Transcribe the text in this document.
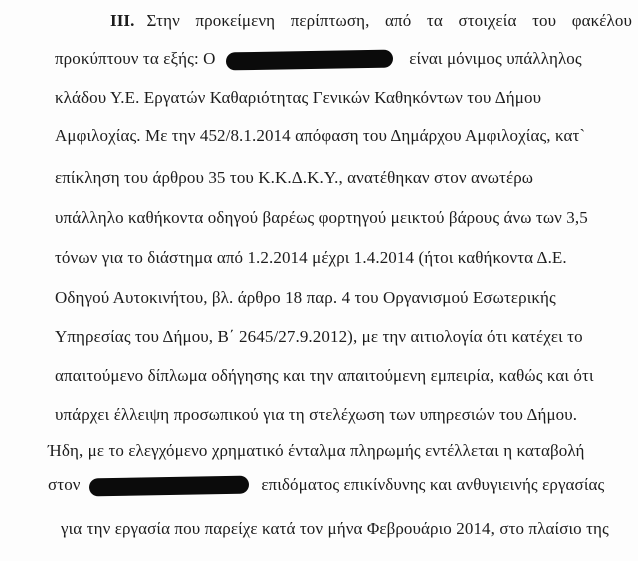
III. Στην προκείμενη περίπτωση, από τα στοιχεία του φακέλου
προκύπτουν τα εξής: Ο	είναι μόνιμος υπάλληλος
κλάδου Υ.Ε. Εργατών Καθαριότητας Γενικών Καθηκόντων του Δήμου
Αμφιλοχίας. Με την 452/8.1.2014 απόφαση του Δημάρχου Αμφιλοχίας, κατ`
επίκληση του άρθρου 35 του Κ.Κ.Δ.Κ.Υ., ανατέθηκαν στον ανωτέρω
υπάλληλο καθήκοντα οδηγού βαρέως φορτηγού μεικτού βάρους άνω των 3,5
τόνων για το διάστημα από 1.2.2014 μέχρι 1.4.2014 (ήτοι καθήκοντα Δ.Ε.
Οδηγού Αυτοκινήτου, βλ. άρθρο 18 παρ. 4 του Οργανισμού Εσωτερικής
Υπηρεσίας του Δήμου, Β΄ 2645/27.9.2012), με την αιτιολογία ότι κατέχει το
απαιτούμενο δίπλωμα οδήγησης και την απαιτούμενη εμπειρία, καθώς και ότι
υπάρχει έλλειψη προσωπικού για τη στελέχωση των υπηρεσιών του Δήμου.
Ήδη, με το ελεγχόμενο χρηματικό ένταλμα πληρωμής εντέλλεται η καταβολή
στον	επιδόματος επικίνδυνης και ανθυγιεινής εργασίας
για την εργασία που παρείχε κατά τον μήνα Φεβρουάριο 2014, στο πλαίσιο της
